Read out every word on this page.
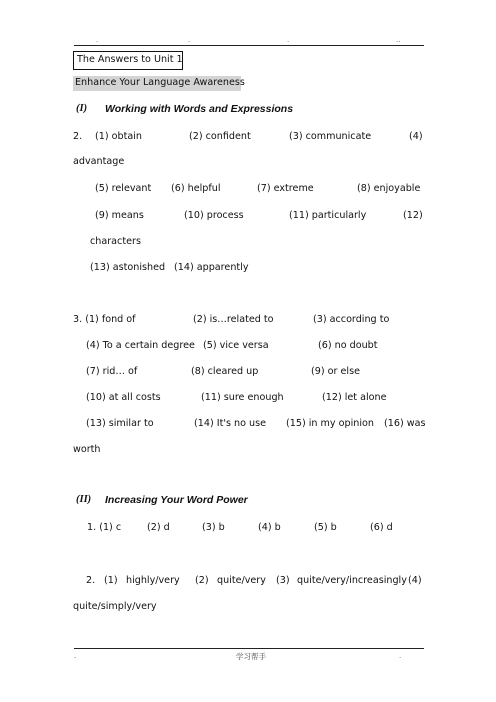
.	.	.	..
The Answers to Unit 1
Enhance Your Language Awareness
(I) Working with Words and Expressions
2. (1) obtain	(2) confident	(3) communicate	(4)
advantage
(5) relevant (6) helpful	(7) extreme	(8) enjoyable
(9) means	(10) process	(11) particularly	(12)
characters
(13) astonished (14) apparently
3. (1) fond of	(2) is…related to	(3) according to
(4) To a certain degree (5) vice versa	(6) no doubt
(7) rid… of	(8) cleared up	(9) or else
(10) at all costs	(11) sure enough	(12) let alone
(13) similar to	(14) It's no use (15) in my opinion (16) was
worth
(II) Increasing Your Word Power
1. (1) c	(2) d	(3) b	(4) b	(5) b	(6) d
2. (1) highly/very (2) quite/very (3) quite/very/increasingly (4)
quite/simply/very
.	学习帮手	.
